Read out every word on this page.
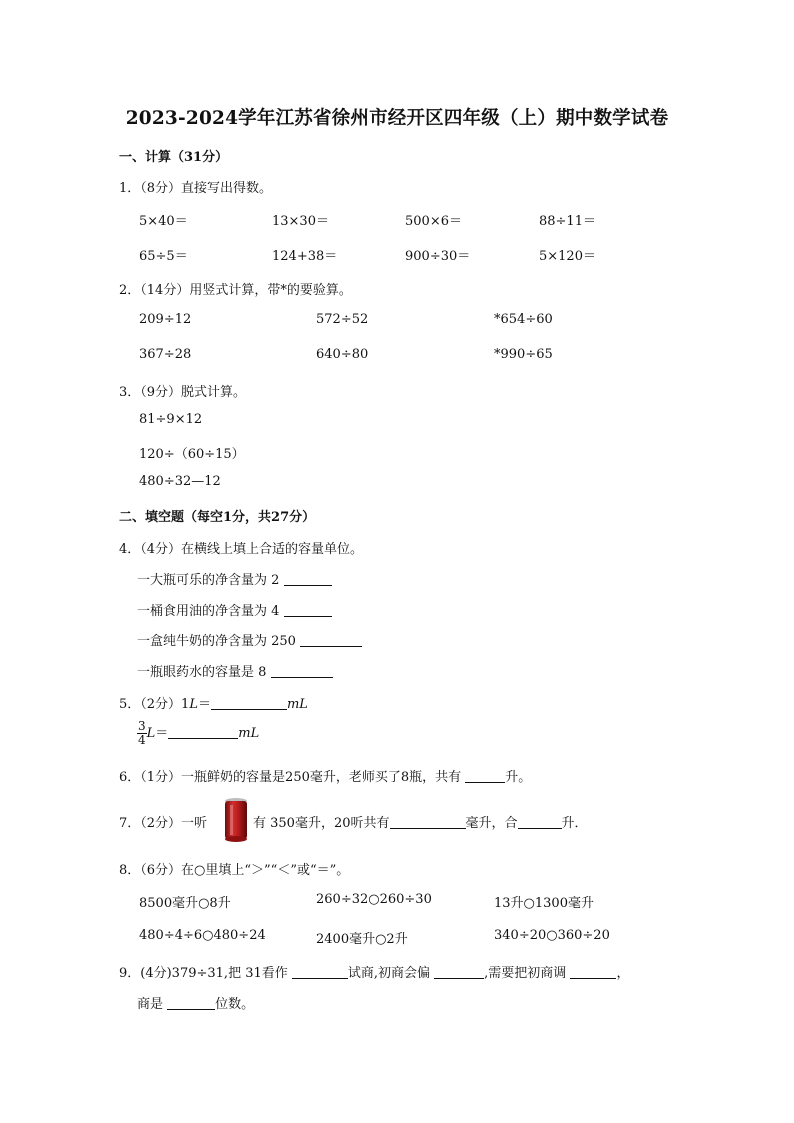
2023-2024学年江苏省徐州市经开区四年级（上）期中数学试卷
一、计算（31分）
1．（8分）直接写出得数。
5×40＝	13×30＝	500×6＝	88÷11＝
65÷5＝	124+38＝	900÷30＝	5×120＝
2．（14分）用竖式计算，带*的要验算。
209÷12	572÷52	*654÷60
367÷28	640÷80	*990÷65
3．（9分）脱式计算。
81÷9×12
120÷（60÷15）
480÷32—12
二、填空题（每空1分，共27分）
4．（4分）在横线上填上合适的容量单位。
一大瓶可乐的净含量为 2
一桶食用油的净含量为 4
一盒纯牛奶的净含量为 250
一瓶眼药水的容量是 8
5．（2分）1L＝	mL
$\frac{3}{4} L=$	mL
6．（1分）一瓶鲜奶的容量是250毫升，老师买了8瓶，共有	升。
7．（2分）一听	有 350毫升，20听共有	毫升，合	升．
8．（6分）在○里填上“＞”“＜”或“＝”。
8500毫升○8升	260÷32○260÷30	13升○1300毫升
480÷4÷6○480÷24	2400毫升○2升	340÷20○360÷20
9．(4分)379÷31,把 31看作	试商,初商会偏	,需要把初商调	，
商是	位数。
